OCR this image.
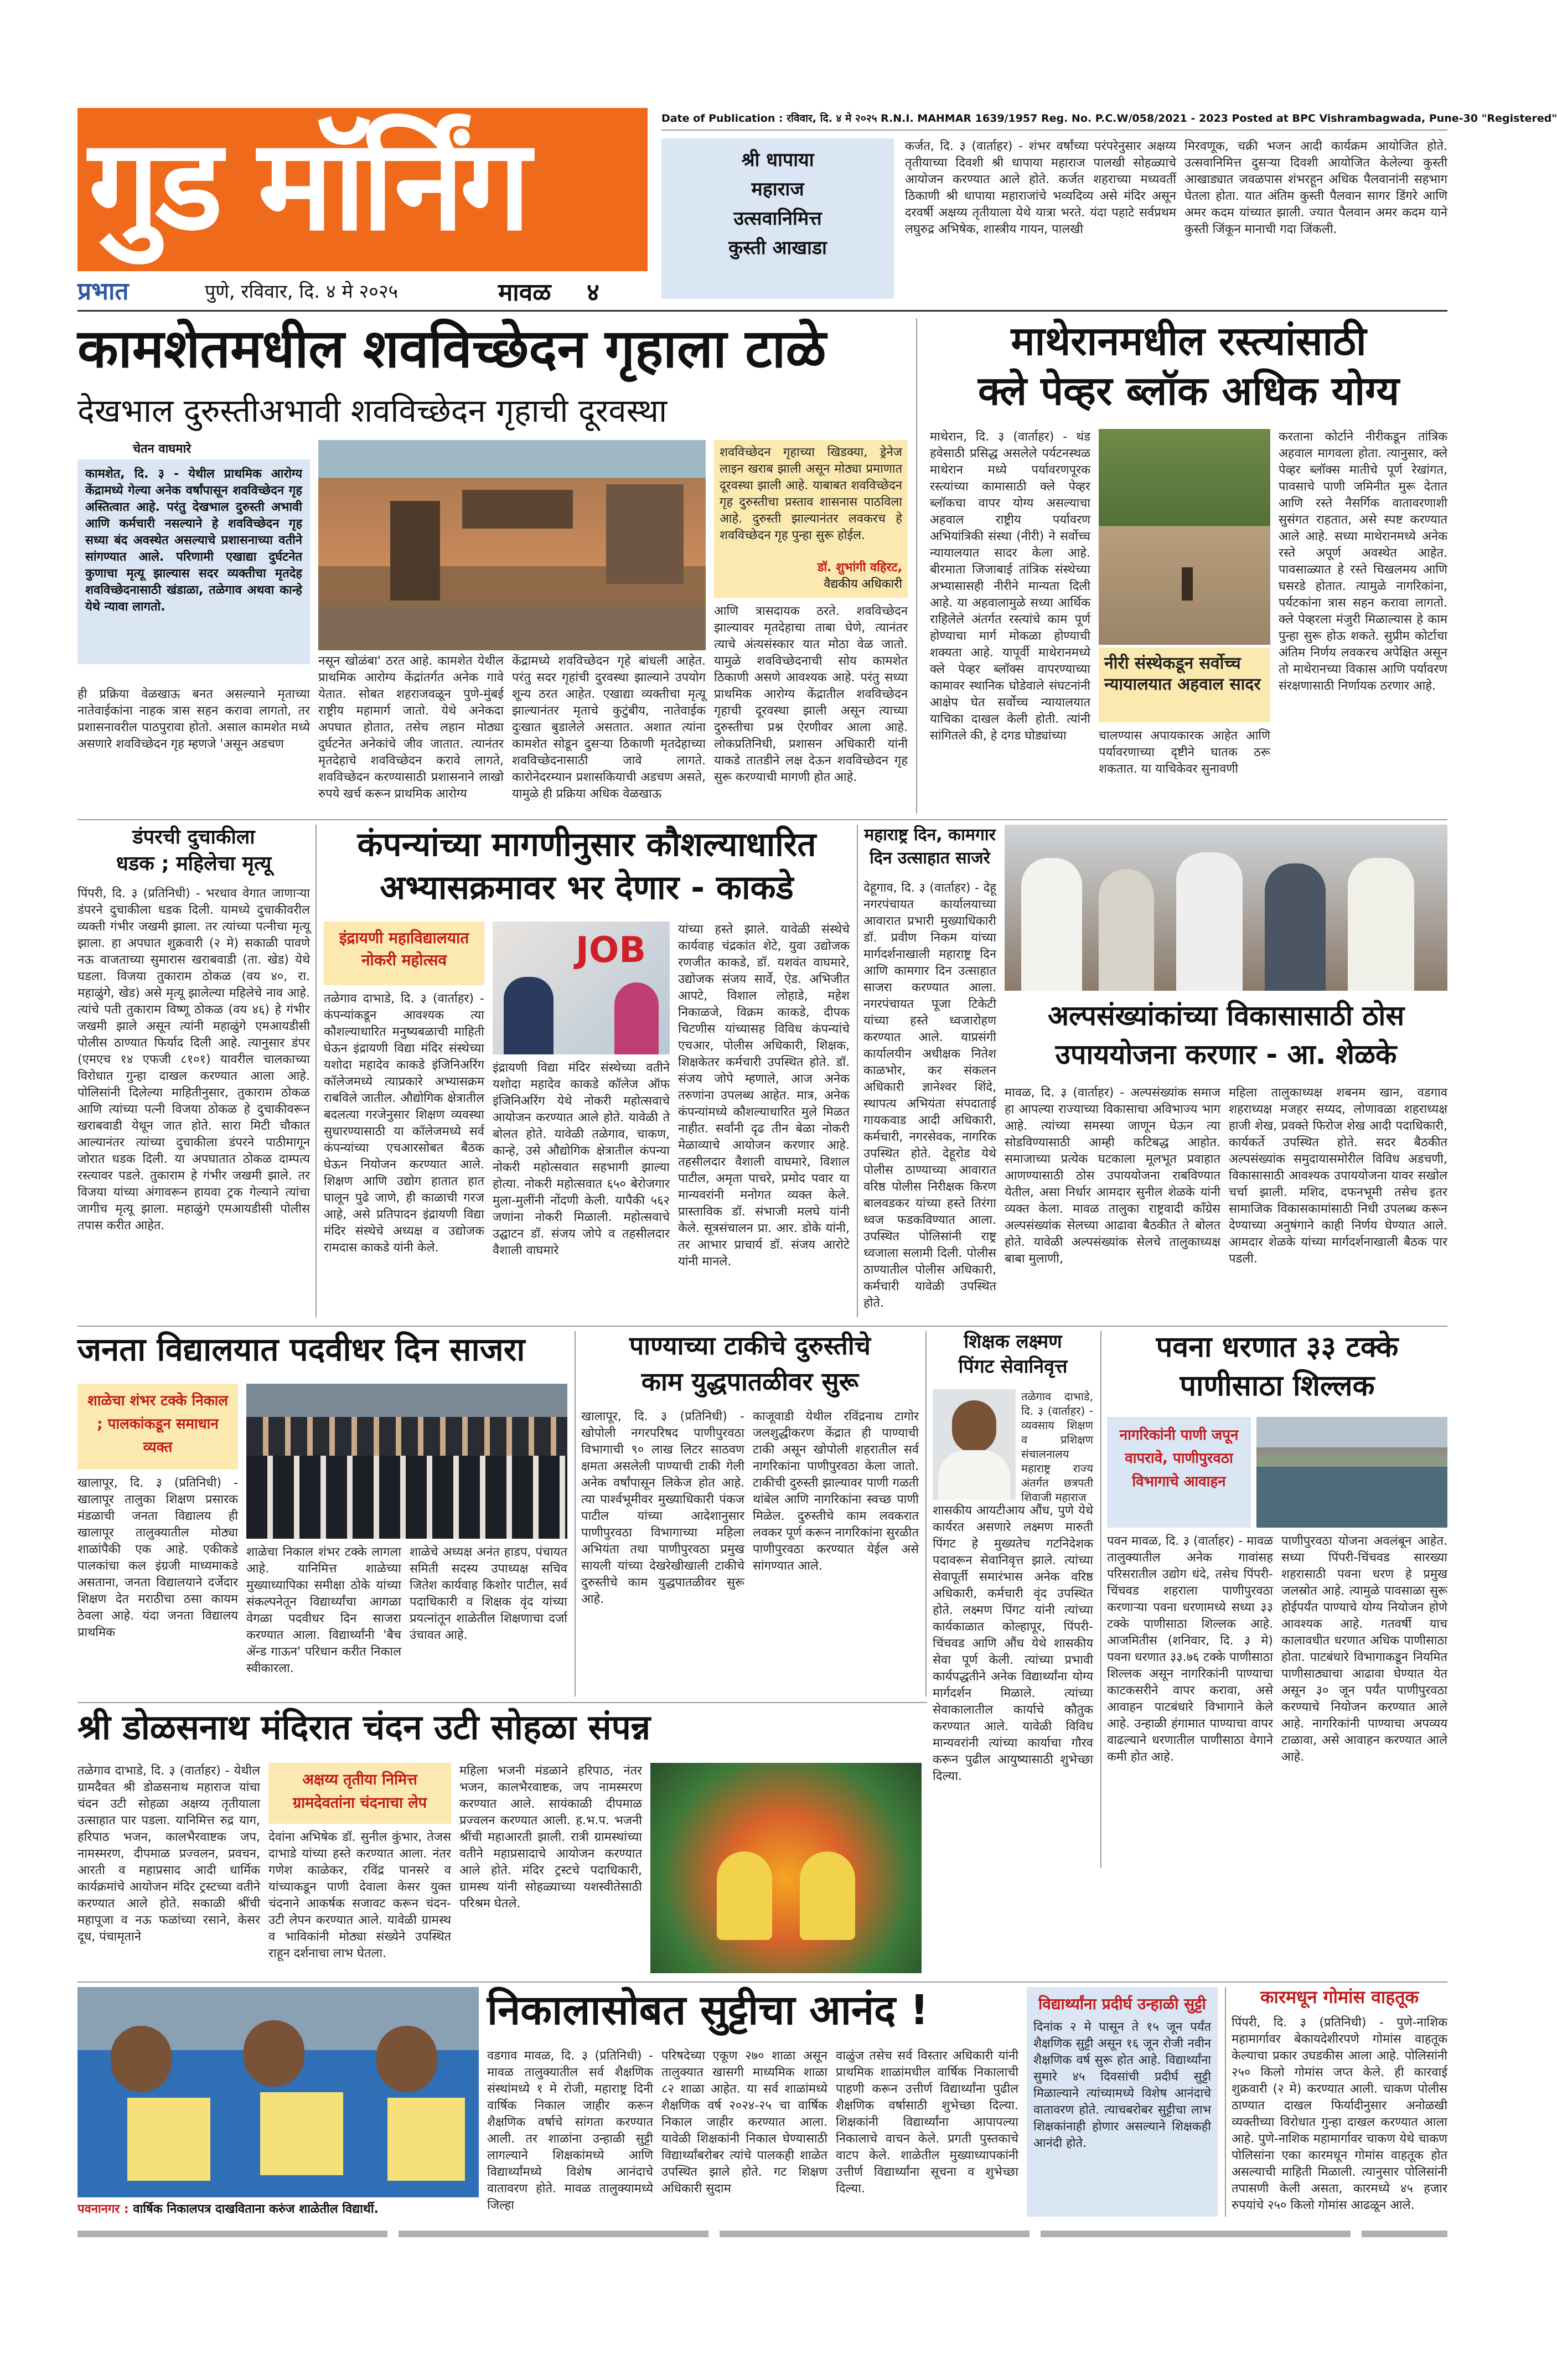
गुड मॉर्निंग
प्रभात	पुणे, रविवार, दि. ४ मे २०२५	मावळ ४
Date of Publication : रविवार, दि. ४ मे २०२५ R.N.I. MAHMAR 1639/1957 Reg. No. P.C.W/058/2021 - 2023 Posted at BPC Vishrambagwada, Pune-30 "Registered"
श्री धापाया
महाराज
उत्सवानिमित्त
कुस्ती आखाडा
कर्जत, दि. ३ (वार्ताहर) - शंभर वर्षांच्या परंपरेनुसार अक्षय्य तृतीयाच्या दिवशी श्री धापाया महाराज पालखी सोहळ्याचे आयोजन करण्यात आले होते. कर्जत शहराच्या मध्यवर्ती ठिकाणी श्री धापाया महाराजांचे भव्यदिव्य असे मंदिर असून दरवर्षी अक्षय्य तृतीयाला येथे यात्रा भरते. यंदा पहाटे सर्वप्रथम लघुरुद्र अभिषेक, शास्त्रीय गायन, पालखी
मिरवणूक, चक्री भजन आदी कार्यक्रम आयोजित होते. उत्सवानिमित्त दुसऱ्या दिवशी आयोजित केलेल्या कुस्ती आखाड्यात जवळपास शंभरहून अधिक पैलवानांनी सहभाग घेतला होता. यात अंतिम कुस्ती पैलवान सागर डिंगरे आणि अमर कदम यांच्यात झाली. ज्यात पैलवान अमर कदम याने कुस्ती जिंकून मानाची गदा जिंकली.
कामशेतमधील शवविच्छेदन गृहाला टाळे
देखभाल दुरुस्तीअभावी शवविच्छेदन गृहाची दूरवस्था
चेतन वाघमारे
कामशेत, दि. ३ - येथील प्राथमिक आरोग्य केंद्रामध्ये गेल्या अनेक वर्षांपासून शवविच्छेदन गृह अस्तित्वात आहे. परंतु देखभाल दुरुस्ती अभावी आणि कर्मचारी नसल्याने हे शवविच्छेदन गृह सध्या बंद अवस्थेत असल्याचे प्रशासनाच्या वतीने सांगण्यात आले. परिणामी एखाद्या दुर्घटनेत कुणाचा मृत्यू झाल्यास सदर व्यक्तीचा मृतदेह शवविच्छेदनासाठी खंडाळा, तळेगाव अथवा कान्हे येथे न्यावा लागतो.
ही प्रक्रिया वेळखाऊ बनत असल्याने मृताच्या नातेवाईकांना नाहक त्रास सहन करावा लागतो, तर प्रशासनावरील पाठपुरावा होतो. असाल कामशेत मध्ये असणारे शवविच्छेदन गृह म्हणजे 'असून अडचण
नसून खोळंबा' ठरत आहे. कामशेत येथील प्राथमिक आरोग्य केंद्रांतर्गत अनेक गावे येतात. सोबत शहराजवळून पुणे-मुंबई राष्ट्रीय महामार्ग जातो. येथे अनेकदा अपघात होतात, तसेच लहान मोठ्या दुर्घटनेत अनेकांचे जीव जातात. त्यानंतर मृतदेहाचे शवविच्छेदन करावे लागते, शवविच्छेदन करण्यासाठी प्रशासनाने लाखो रुपये खर्च करून प्राथमिक आरोग्य
केंद्रामध्ये शवविच्छेदन गृहे बांधली आहेत. परंतु सदर गृहांची दुरवस्था झाल्याने उपयोग शून्य ठरत आहेत. एखाद्या व्यक्तीचा मृत्यू झाल्यानंतर मृताचे कुटुंबीय, नातेवाईक दुःखात बुडालेले असतात. अशात त्यांना कामशेत सोडून दुसऱ्या ठिकाणी मृतदेहाच्या शवविच्छेदनासाठी जावे लागते. कारोनेदरम्यान प्रशासकियाची अडचण असते, यामुळे ही प्रक्रिया अधिक वेळखाऊ
शवविच्छेदन गृहाच्या खिडक्या, ड्रेनेज लाइन खराब झाली असून मोठ्या प्रमाणात दूरवस्था झाली आहे. याबाबत शवविच्छेदन गृह दुरुस्तीचा प्रस्ताव शासनास पाठविला आहे. दुरुस्ती झाल्यानंतर लवकरच हे शवविच्छेदन गृह पुन्हा सुरू होईल.
डॉ. शुभांगी वहिरट,
वैद्यकीय अधिकारी
आणि त्रासदायक ठरते. शवविच्छेदन झाल्यावर मृतदेहाचा ताबा घेणे, त्यानंतर त्याचे अंत्यसंस्कार यात मोठा वेळ जातो. यामुळे शवविच्छेदनाची सोय कामशेत ठिकाणी असणे आवश्यक आहे. परंतु सध्या प्राथमिक आरोग्य केंद्रातील शवविच्छेदन गृहाची दूरवस्था झाली असून त्याच्या दुरुस्तीचा प्रश्न ऐरणीवर आला आहे. लोकप्रतिनिधी, प्रशासन अधिकारी यांनी याकडे तातडीने लक्ष देऊन शवविच्छेदन गृह सुरू करण्याची मागणी होत आहे.
माथेरानमधील रस्त्यांसाठी
क्ले पेव्हर ब्लॉक अधिक योग्य
माथेरान, दि. ३ (वार्ताहर) - थंड हवेसाठी प्रसिद्ध असलेले पर्यटनस्थळ माथेरान मध्ये पर्यावरणपूरक रस्त्यांच्या कामासाठी क्ले पेव्हर ब्लॉकचा वापर योग्य असल्याचा अहवाल राष्ट्रीय पर्यावरण अभियांत्रिकी संस्था (नीरी) ने सर्वोच्च न्यायालयात सादर केला आहे. बीरमाता जिजाबाई तांत्रिक संस्थेच्या अभ्यासासही नीरीने मान्यता दिली आहे. या अहवालामुळे सध्या आर्थिक राहिलेले अंतर्गत रस्त्यांचे काम पूर्ण होण्याचा मार्ग मोकळा होण्याची शक्यता आहे. यापूर्वी माथेरानमध्ये क्ले पेव्हर ब्लॉक्स वापरण्याच्या कामावर स्थानिक घोडेवाले संघटनांनी आक्षेप घेत सर्वोच्च न्यायालयात याचिका दाखल केली होती. त्यांनी सांगितले की, हे दगड घोड्यांच्या
नीरी संस्थेकडून सर्वोच्च न्यायालयात अहवाल सादर
चालण्यास अपायकारक आहेत आणि पर्यावरणाच्या दृष्टीने घातक ठरू शकतात. या याचिकेवर सुनावणी
करताना कोर्टाने नीरीकडून तांत्रिक अहवाल मागवला होता. त्यानुसार, क्ले पेव्हर ब्लॉक्स मातीचे पूर्ण रेखांगत, पावसाचे पाणी जमिनीत मुरू देतात आणि रस्ते नैसर्गिक वातावरणाशी सुसंगत राहतात, असे स्पष्ट करण्यात आले आहे. सध्या माथेरानमध्ये अनेक रस्ते अपूर्ण अवस्थेत आहेत. पावसाळ्यात हे रस्ते चिखलमय आणि घसरडे होतात. त्यामुळे नागरिकांना, पर्यटकांना त्रास सहन करावा लागतो. क्ले पेव्हरला मंजुरी मिळाल्यास हे काम पुन्हा सुरू होऊ शकते. सुप्रीम कोर्टाचा अंतिम निर्णय लवकरच अपेक्षित असून तो माथेरानच्या विकास आणि पर्यावरण संरक्षणासाठी निर्णायक ठरणार आहे.
डंपरची दुचाकीला
धडक ; महिलेचा मृत्यू
पिंपरी, दि. ३ (प्रतिनिधी) - भरधाव वेगात जाणाऱ्या डंपरने दुचाकीला धडक दिली. यामध्ये दुचाकीवरील व्यक्ती गंभीर जखमी झाला. तर त्यांच्या पत्नीचा मृत्यू झाला. हा अपघात शुक्रवारी (२ मे) सकाळी पावणे नऊ वाजताच्या सुमारास खराबवाडी (ता. खेड) येथे घडला. विजया तुकाराम ठोकळ (वय ४०, रा. महाळुंगे, खेड) असे मृत्यू झालेल्या महिलेचे नाव आहे. त्यांचे पती तुकाराम विष्णू ठोकळ (वय ४६) हे गंभीर जखमी झाले असून त्यांनी महाळुंगे एमआयडीसी पोलीस ठाण्यात फिर्याद दिली आहे. त्यानुसार डंपर (एमएच १४ एफजी ८१०१) यावरील चालकाच्या विरोधात गुन्हा दाखल करण्यात आला आहे. पोलिसांनी दिलेल्या माहितीनुसार, तुकाराम ठोकळ आणि त्यांच्या पत्नी विजया ठोकळ हे दुचाकीवरून खराबवाडी येथून जात होते. सारा मिटी चौकात आल्यानंतर त्यांच्या दुचाकीला डंपरने पाठीमागून जोरात धडक दिली. या अपघातात ठोकळ दाम्पत्य रस्त्यावर पडले. तुकाराम हे गंभीर जखमी झाले. तर विजया यांच्या अंगावरून हायवा ट्रक गेल्याने त्यांचा जागीच मृत्यू झाला. महाळुंगे एमआयडीसी पोलीस तपास करीत आहेत.
कंपन्यांच्या मागणीनुसार कौशल्याधारित
अभ्यासक्रमावर भर देणार - काकडे
इंद्रायणी महाविद्यालयात नोकरी महोत्सव
तळेगाव दाभाडे, दि. ३ (वार्ताहर) - कंपन्यांकडून आवश्यक त्या कौशल्याधारित मनुष्यबळाची माहिती घेऊन इंद्रायणी विद्या मंदिर संस्थेच्या यशोदा महादेव काकडे इंजिनिअरिंग कॉलेजमध्ये त्याप्रकारे अभ्यासक्रम राबविले जातील. औद्योगिक क्षेत्रातील बदलत्या गरजेनुसार शिक्षण व्यवस्था सुधारण्यासाठी या कॉलेजमध्ये सर्व कंपन्यांच्या एचआरसोबत बैठक घेऊन नियोजन करण्यात आले. शिक्षण आणि उद्योग हातात हात घालून पुढे जाणे, ही काळाची गरज आहे, असे प्रतिपादन इंद्रायणी विद्या मंदिर संस्थेचे अध्यक्ष व उद्योजक रामदास काकडे यांनी केले.
JOB
इंद्रायणी विद्या मंदिर संस्थेच्या वतीने यशोदा महादेव काकडे कॉलेज ऑफ इंजिनिअरिंग येथे नोकरी महोत्सवाचे आयोजन करण्यात आले होते. यावेळी ते बोलत होते. यावेळी तळेगाव, चाकण, कान्हे, उसे औद्योगिक क्षेत्रातील कंपन्या नोकरी महोत्सवात सहभागी झाल्या होत्या. नोकरी महोत्सवात ६५० बेरोजगार मुला-मुलींनी नोंदणी केली. यापैकी ५६२ जणांना नोकरी मिळाली. महोत्सवाचे उद्घाटन डॉ. संजय जोपे व तहसीलदार वैशाली वाघमारे
यांच्या हस्ते झाले. यावेळी संस्थेचे कार्यवाह चंद्रकांत शेटे, युवा उद्योजक रणजीत काकडे, डॉ. यशवंत वाघमारे, उद्योजक संजय सार्वे, ऐड. अभिजीत आपटे, विशाल लोहाडे, महेश निकाळजे, विक्रम काकडे, दीपक चिटणीस यांच्यासह विविध कंपन्यांचे एचआर, पोलीस अधिकारी, शिक्षक, शिक्षकेतर कर्मचारी उपस्थित होते. डॉ. संजय जोपे म्हणाले, आज अनेक तरुणांना उपलब्ध आहेत. मात्र, अनेक कंपन्यांमध्ये कौशल्याधारित मुले मिळत नाहीत. सर्वांनी दृढ तीन बेळा नोकरी मेळाव्याचे आयोजन करणार आहे. तहसीलदार वैशाली वाघमारे, विशाल पाटील, अमृता पाचरे, प्रमोद पवार या मान्यवरांनी मनोगत व्यक्त केले. प्रास्ताविक डॉ. संभाजी मलघे यांनी केले. सूत्रसंचालन प्रा. आर. डोके यांनी, तर आभार प्राचार्य डॉ. संजय आरोटे यांनी मानले.
महाराष्ट्र दिन, कामगार
दिन उत्साहात साजरे
देहूगाव, दि. ३ (वार्ताहर) - देहू नगरपंचायत कार्यालयाच्या आवारात प्रभारी मुख्याधिकारी डॉ. प्रवीण निकम यांच्या मार्गदर्शनाखाली महाराष्ट्र दिन आणि कामगार दिन उत्साहात साजरा करण्यात आला. नगरपंचायत पूजा टिकेटी यांच्या हस्ते ध्वजारोहण करण्यात आले. याप्रसंगी कार्यालयीन अधीक्षक नितेश काळभोर, कर संकलन अधिकारी ज्ञानेश्वर शिंदे, स्थापत्य अभियंता संपदाताई गायकवाड आदी अधिकारी, कर्मचारी, नगरसेवक, नागरिक उपस्थित होते. देहूरोड येथे पोलीस ठाण्याच्या आवारात वरिष्ठ पोलीस निरीक्षक किरण बालवडकर यांच्या हस्ते तिरंगा ध्वज फडकविण्यात आला. उपस्थित पोलिसांनी राष्ट्र ध्वजाला सलामी दिली. पोलीस ठाण्यातील पोलीस अधिकारी, कर्मचारी यावेळी उपस्थित होते.
अल्पसंख्यांकांच्या विकासासाठी ठोस उपाययोजना करणार - आ. शेळके
मावळ, दि. ३ (वार्ताहर) - अल्पसंख्यांक समाज हा आपल्या राज्याच्या विकासाचा अविभाज्य भाग आहे. त्यांच्या समस्या जाणून घेऊन त्या सोडविण्यासाठी आम्ही कटिबद्ध आहोत. समाजाच्या प्रत्येक घटकाला मूलभूत प्रवाहात आणण्यासाठी ठोस उपाययोजना राबविण्यात येतील, असा निर्धार आमदार सुनील शेळके यांनी व्यक्त केला. मावळ तालुका राष्ट्रवादी काँग्रेस अल्पसंख्यांक सेलच्या आढावा बैठकीत ते बोलत होते. यावेळी अल्पसंख्यांक सेलचे तालुकाध्यक्ष बाबा मुलाणी,
महिला तालुकाध्यक्ष शबनम खान, वडगाव शहराध्यक्ष मजहर सय्यद, लोणावळा शहराध्यक्ष हाजी शेख, प्रवक्ते फिरोज शेख आदी पदाधिकारी, कार्यकर्ते उपस्थित होते. सदर बैठकीत अल्पसंख्यांक समुदायासमोरील विविध अडचणी, विकासासाठी आवश्यक उपाययोजना यावर सखोल चर्चा झाली. मशिद, दफनभूमी तसेच इतर सामाजिक विकासकामांसाठी निधी उपलब्ध करून देण्याच्या अनुषंगाने काही निर्णय घेण्यात आले. आमदार शेळके यांच्या मार्गदर्शनाखाली बैठक पार पडली.
जनता विद्यालयात पदवीधर दिन साजरा
शाळेचा शंभर टक्के निकाल ; पालकांकडून समाधान व्यक्त
खालापूर, दि. ३ (प्रतिनिधी) - खालापूर तालुका शिक्षण प्रसारक मंडळाची जनता विद्यालय ही खालापूर तालुक्यातील मोठ्या शाळांपैकी एक आहे. एकीकडे पालकांचा कल इंग्रजी माध्यमाकडे असताना, जनता विद्यालयाने दर्जेदार शिक्षण देत मराठीचा ठसा कायम ठेवला आहे. यंदा जनता विद्यालय प्राथमिक
शाळेचा निकाल शंभर टक्के लागला आहे. यानिमित्त शाळेच्या मुख्याध्यापिका समीक्षा ठोके यांच्या संकल्पनेतून विद्यार्थ्यांचा आगळा वेगळा पदवीधर दिन साजरा करण्यात आला. विद्यार्थ्यांनी 'बैच ॲन्ड गाऊन' परिधान करीत निकाल स्वीकारला.
शाळेचे अध्यक्ष अनंत हाडप, पंचायत समिती सदस्य उपाध्यक्ष सचिव जितेश कार्यवाह किशोर पाटील, सर्व पदाधिकारी व शिक्षक वृंद यांच्या प्रयत्नांतून शाळेतील शिक्षणाचा दर्जा उंचावत आहे.
पाण्याच्या टाकीचे दुरुस्तीचे
काम युद्धपातळीवर सुरू
खालापूर, दि. ३ (प्रतिनिधी) - खोपोली नगरपरिषद पाणीपुरवठा विभागाची ९० लाख लिटर साठवण क्षमता असलेली पाण्याची टाकी गेली अनेक वर्षांपासून लिकेज होत आहे. त्या पार्श्वभूमीवर मुख्याधिकारी पंकज पाटील यांच्या आदेशानुसार पाणीपुरवठा विभागाच्या महिला अभियंता तथा पाणीपुरवठा प्रमुख सायली यांच्या देखरेखीखाली टाकीचे दुरुस्तीचे काम युद्धपातळीवर सुरू आहे.
काजूवाडी येथील रविंद्रनाथ टागोर जलशुद्धीकरण केंद्रात ही पाण्याची टाकी असून खोपोली शहरातील सर्व नागरिकांना पाणीपुरवठा केला जातो. टाकीची दुरुस्ती झाल्यावर पाणी गळती थांबेल आणि नागरिकांना स्वच्छ पाणी मिळेल. दुरुस्तीचे काम लवकरात लवकर पूर्ण करून नागरिकांना सुरळीत पाणीपुरवठा करण्यात येईल असे सांगण्यात आले.
शिक्षक लक्ष्मण
पिंगट सेवानिवृत्त
तळेगाव दाभाडे, दि. ३ (वार्ताहर) - व्यवसाय शिक्षण व प्रशिक्षण संचालनालय महाराष्ट्र राज्य अंतर्गत छत्रपती शिवाजी महाराज
शासकीय आयटीआय औंध, पुणे येथे कार्यरत असणारे लक्ष्मण मारुती पिंगट हे मुख्यतेच गटनिदेशक पदावरून सेवानिवृत्त झाले. त्यांच्या सेवापूर्ती समारंभास अनेक वरिष्ठ अधिकारी, कर्मचारी वृंद उपस्थित होते. लक्ष्मण पिंगट यांनी त्यांच्या कार्यकाळात कोल्हापूर, पिंपरी-चिंचवड आणि औंध येथे शासकीय सेवा पूर्ण केली. त्यांच्या प्रभावी कार्यपद्धतीने अनेक विद्यार्थ्यांना योग्य मार्गदर्शन मिळाले. त्यांच्या सेवाकालातील कार्याचे कौतुक करण्यात आले. यावेळी विविध मान्यवरांनी त्यांच्या कार्याचा गौरव करून पुढील आयुष्यासाठी शुभेच्छा दिल्या.
पवना धरणात ३३ टक्के
पाणीसाठा शिल्लक
नागरिकांनी पाणी जपून वापरावे, पाणीपुरवठा विभागाचे आवाहन
पवन मावळ, दि. ३ (वार्ताहर) - मावळ तालुक्यातील अनेक गावांसह परिसरातील उद्योग धंदे, तसेच पिंपरी-चिंचवड शहराला पाणीपुरवठा करणाऱ्या पवना धरणामध्ये सध्या ३३ टक्के पाणीसाठा शिल्लक आहे. आजमितीस (शनिवार, दि. ३ मे) पवना धरणात ३३.७६ टक्के पाणीसाठा शिल्लक असून नागरिकांनी पाण्याचा काटकसरीने वापर करावा, असे आवाहन पाटबंधारे विभागाने केले आहे. उन्हाळी हंगामात पाण्याचा वापर वाढल्याने धरणातील पाणीसाठा वेगाने कमी होत आहे.
पाणीपुरवठा योजना अवलंबून आहेत. सध्या पिंपरी-चिंचवड सारख्या शहरासाठी पवना धरण हे प्रमुख जलस्रोत आहे. त्यामुळे पावसाळा सुरू होईपर्यंत पाण्याचे योग्य नियोजन होणे आवश्यक आहे. गतवर्षी याच कालावधीत धरणात अधिक पाणीसाठा होता. पाटबंधारे विभागाकडून नियमित पाणीसाठ्याचा आढावा घेण्यात येत असून ३० जून पर्यंत पाणीपुरवठा करण्याचे नियोजन करण्यात आले आहे. नागरिकांनी पाण्याचा अपव्यय टाळावा, असे आवाहन करण्यात आले आहे.
श्री डोळसनाथ मंदिरात चंदन उटी सोहळा संपन्न
तळेगाव दाभाडे, दि. ३ (वार्ताहर) - येथील ग्रामदैवत श्री डोळसनाथ महाराज यांचा चंदन उटी सोहळा अक्षय्य तृतीयाला उत्साहात पार पडला. यानिमित्त रुद्र याग, हरिपाठ भजन, कालभैरवाष्टक जप, नामस्मरण, दीपमाळ प्रज्वलन, प्रवचन, आरती व महाप्रसाद आदी धार्मिक कार्यक्रमांचे आयोजन मंदिर ट्रस्टच्या वतीने करण्यात आले होते. सकाळी श्रींची महापूजा व नऊ फळांच्या रसाने, केसर दूध, पंचामृताने
अक्षय्य तृतीया निमित्त ग्रामदेवतांना चंदनाचा लेप
देवांना अभिषेक डॉ. सुनील कुंभार, तेजस दाभाडे यांच्या हस्ते करण्यात आला. नंतर गणेश काळेकर, रविंद्र पानसरे व यांच्याकडून पाणी देवाला केसर युक्त चंदनाने आकर्षक सजावट करून चंदन-उटी लेपन करण्यात आले. यावेळी ग्रामस्थ व भाविकांनी मोठ्या संख्येने उपस्थित राहून दर्शनाचा लाभ घेतला.
महिला भजनी मंडळाने हरिपाठ, नंतर भजन, कालभैरवाष्टक, जप नामस्मरण करण्यात आले. सायंकाळी दीपमाळ प्रज्वलन करण्यात आली. ह.भ.प. भजनी श्रींची महाआरती झाली. रात्री ग्रामस्थांच्या वतीने महाप्रसादाचे आयोजन करण्यात आले होते. मंदिर ट्रस्टचे पदाधिकारी, ग्रामस्थ यांनी सोहळ्याच्या यशस्वीतेसाठी परिश्रम घेतले.
पवनानगर : वार्षिक निकालपत्र दाखविताना करुंज शाळेतील विद्यार्थी.
निकालासोबत सुट्टीचा आनंद !
वडगाव मावळ, दि. ३ (प्रतिनिधी) - मावळ तालुक्यातील सर्व शैक्षणिक संस्थांमध्ये १ मे रोजी, महाराष्ट्र दिनी वार्षिक निकाल जाहीर करून शैक्षणिक वर्षाचे सांगता करण्यात आली. तर शाळांना उन्हाळी सुट्टी लागल्याने शिक्षकांमध्ये आणि विद्यार्थ्यांमध्ये विशेष आनंदाचे वातावरण होते. मावळ तालुक्यामध्ये जिल्हा
परिषदेच्या एकूण २७० शाळा असून तालुक्यात खासगी माध्यमिक शाळा ८२ शाळा आहेत. या सर्व शाळांमध्ये शैक्षणिक वर्ष २०२४-२५ चा वार्षिक निकाल जाहीर करण्यात आला. यावेळी शिक्षकांनी निकाल घेण्यासाठी विद्यार्थ्यांबरोबर त्यांचे पालकही शाळेत उपस्थित झाले होते. गट शिक्षण अधिकारी सुदाम
वाळुंज तसेच सर्व विस्तार अधिकारी यांनी प्राथमिक शाळांमधील वार्षिक निकालाची पाहणी करून उत्तीर्ण विद्यार्थ्यांना पुढील शैक्षणिक वर्षासाठी शुभेच्छा दिल्या. शिक्षकांनी विद्यार्थ्यांना आपापल्या निकालाचे वाचन केले. प्रगती पुस्तकाचे वाटप केले. शाळेतील मुख्याध्यापकांनी उत्तीर्ण विद्यार्थ्यांना सूचना व शुभेच्छा दिल्या.
विद्यार्थ्यांना प्रदीर्घ उन्हाळी सुट्टी
दिनांक २ मे पासून ते १५ जून पर्यंत शैक्षणिक सुट्टी असून १६ जून रोजी नवीन शैक्षणिक वर्ष सुरू होत आहे. विद्यार्थ्यांना सुमारे ४५ दिवसांची प्रदीर्घ सुट्टी मिळाल्याने त्यांच्यामध्ये विशेष आनंदाचे वातावरण होते. त्याचबरोबर सुट्टीचा लाभ शिक्षकांनाही होणार असल्याने शिक्षकही आनंदी होते.
कारमधून गोमांस वाहतूक
पिंपरी, दि. ३ (प्रतिनिधी) - पुणे-नाशिक महामार्गावर बेकायदेशीरपणे गोमांस वाहतूक केल्याचा प्रकार उघडकीस आला आहे. पोलिसांनी २५० किलो गोमांस जप्त केले. ही कारवाई शुक्रवारी (२ मे) करण्यात आली. चाकण पोलीस ठाण्यात दाखल फिर्यादीनुसार अनोळखी व्यक्तीच्या विरोधात गुन्हा दाखल करण्यात आला आहे. पुणे-नाशिक महामार्गावर चाकण येथे चाकण पोलिसांना एका कारमधून गोमांस वाहतूक होत असल्याची माहिती मिळाली. त्यानुसार पोलिसांनी तपासणी केली असता, कारमध्ये ४५ हजार रुपयांचे २५० किलो गोमांस आढळून आले.
